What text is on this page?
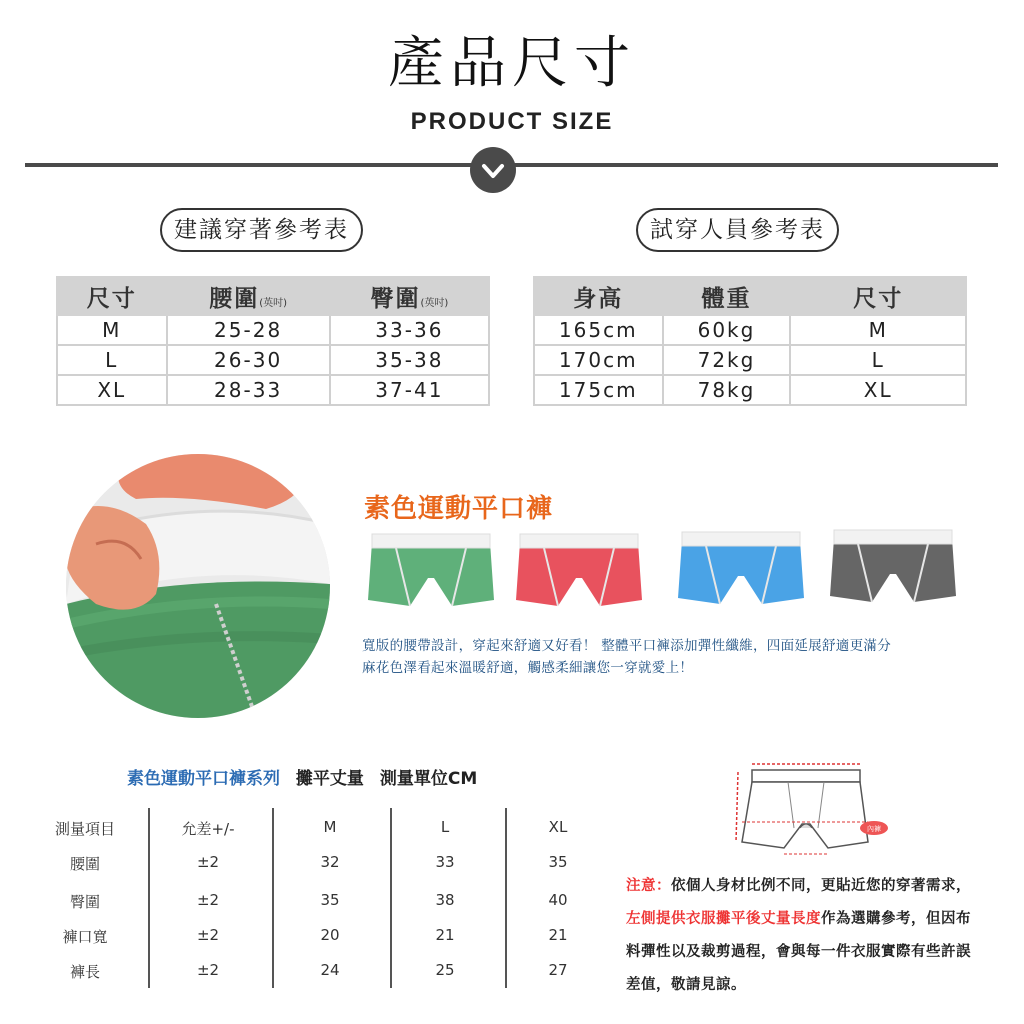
產品尺寸
PRODUCT SIZE
建議穿著參考表	試穿人員參考表
尺寸	腰圍(英吋)	臀圍(英吋)
M	25-28	33-36
L	26-30	35-38
XL	28-33	37-41
身高	體重	尺寸
165cm	60kg	M
170cm	72kg	L
175cm	78kg	XL
素色運動平口褲
寬版的腰帶設計，穿起來舒適又好看！ 整體平口褲添加彈性纖維，四面延展舒適更滿分
麻花色澤看起來溫暖舒適，觸感柔細讓您一穿就愛上！
素色運動平口褲系列 攤平丈量 測量單位CM
測量項目	允差+/-	M	L	XL
腰圍	±2	32	33	35
臀圍	±2	35	38	40
褲口寬	±2	20	21	21
褲長	±2	24	25	27
內褲
注意：依個人身材比例不同，更貼近您的穿著需求，左側提供衣服攤平後丈量長度作為選購參考，但因布料彈性以及裁剪過程，會與每一件衣服實際有些許誤差值，敬請見諒。
